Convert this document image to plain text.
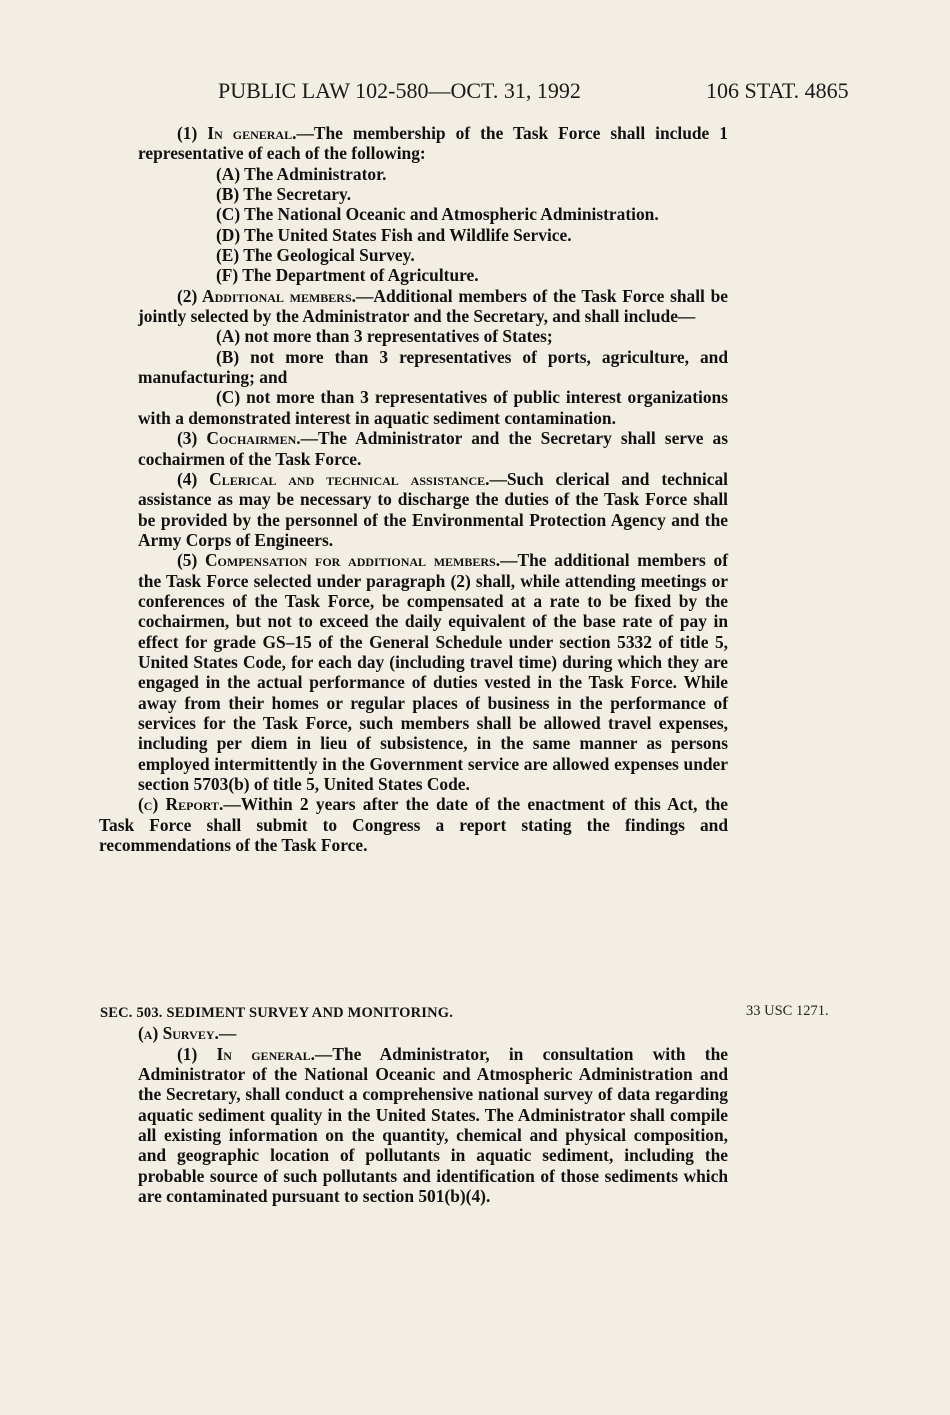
PUBLIC LAW 102-580—OCT. 31, 1992	106 STAT. 4865

(1) In general.—The membership of the Task Force shall include 1 representative of each of the following:

(A) The Administrator.

(B) The Secretary.

(C) The National Oceanic and Atmospheric Administration.

(D) The United States Fish and Wildlife Service.

(E) The Geological Survey.

(F) The Department of Agriculture.

(2) Additional members.—Additional members of the Task Force shall be jointly selected by the Administrator and the Secretary, and shall include—

(A) not more than 3 representatives of States;

(B) not more than 3 representatives of ports, agriculture, and manufacturing; and

(C) not more than 3 representatives of public interest organizations with a demonstrated interest in aquatic sediment contamination.

(3) Cochairmen.—The Administrator and the Secretary shall serve as cochairmen of the Task Force.

(4) Clerical and technical assistance.—Such clerical and technical assistance as may be necessary to discharge the duties of the Task Force shall be provided by the personnel of the Environmental Protection Agency and the Army Corps of Engineers.

(5) Compensation for additional members.—The additional members of the Task Force selected under paragraph (2) shall, while attending meetings or conferences of the Task Force, be compensated at a rate to be fixed by the cochairmen, but not to exceed the daily equivalent of the base rate of pay in effect for grade GS–15 of the General Schedule under section 5332 of title 5, United States Code, for each day (including travel time) during which they are engaged in the actual performance of duties vested in the Task Force. While away from their homes or regular places of business in the performance of services for the Task Force, such members shall be allowed travel expenses, including per diem in lieu of subsistence, in the same manner as persons employed intermittently in the Government service are allowed expenses under section 5703(b) of title 5, United States Code.

(c) Report.—Within 2 years after the date of the enactment of this Act, the Task Force shall submit to Congress a report stating the findings and recommendations of the Task Force.

33 USC 1271.

SEC. 503. SEDIMENT SURVEY AND MONITORING.

(a) Survey.—

(1) In general.—The Administrator, in consultation with the Administrator of the National Oceanic and Atmospheric Administration and the Secretary, shall conduct a comprehensive national survey of data regarding aquatic sediment quality in the United States. The Administrator shall compile all existing information on the quantity, chemical and physical composition, and geographic location of pollutants in aquatic sediment, including the probable source of such pollutants and identification of those sediments which are contaminated pursuant to section 501(b)(4).
